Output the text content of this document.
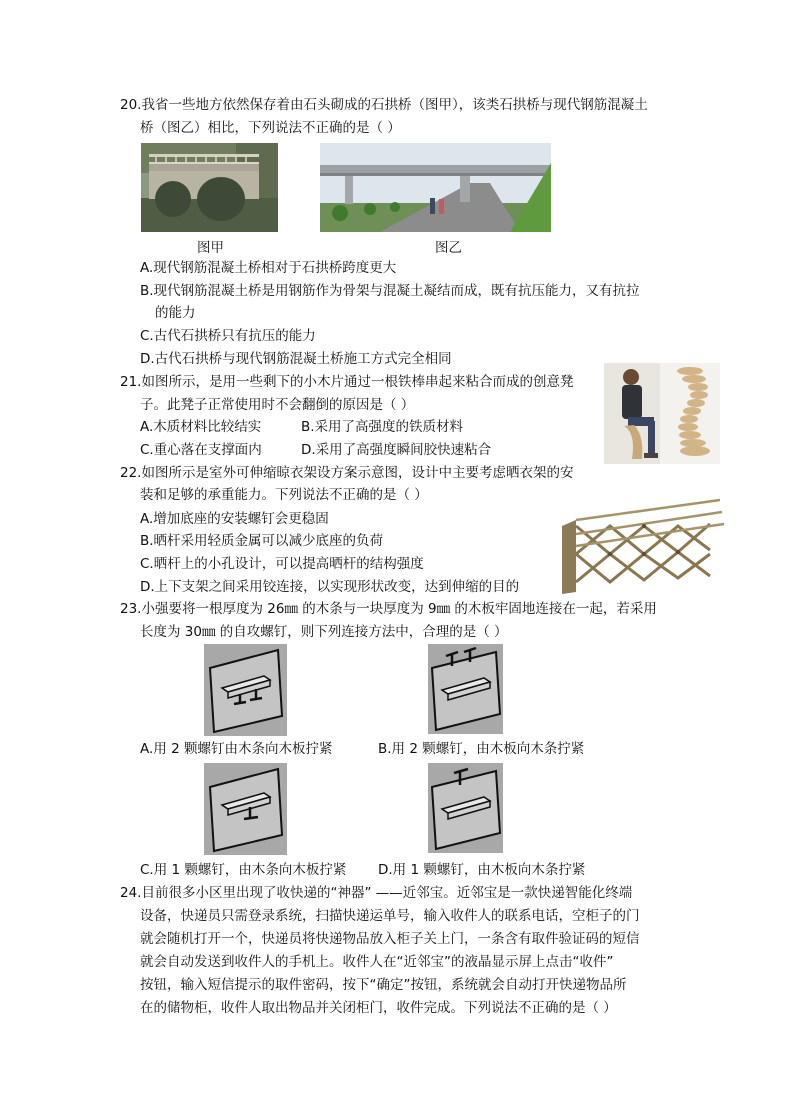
20.我省一些地方依然保存着由石头砌成的石拱桥（图甲），该类石拱桥与现代钢筋混凝土
桥（图乙）相比，下列说法不正确的是（ ）
图甲	图乙
A.现代钢筋混凝土桥相对于石拱桥跨度更大
B.现代钢筋混凝土桥是用钢筋作为骨架与混凝土凝结而成，既有抗压能力，又有抗拉
的能力
C.古代石拱桥只有抗压的能力
D.古代石拱桥与现代钢筋混凝土桥施工方式完全相同
21.如图所示，是用一些剩下的小木片通过一根铁棒串起来粘合而成的创意凳
子。此凳子正常使用时不会翻倒的原因是（ ）
A.木质材料比较结实	B.采用了高强度的铁质材料
C.重心落在支撑面内	D.采用了高强度瞬间胶快速粘合
22.如图所示是室外可伸缩晾衣架设方案示意图，设计中主要考虑晒衣架的安
装和足够的承重能力。下列说法不正确的是（ ）
A.增加底座的安装螺钉会更稳固
B.晒杆采用轻质金属可以减少底座的负荷
C.晒杆上的小孔设计，可以提高晒杆的结构强度
D.上下支架之间采用铰连接，以实现形状改变，达到伸缩的目的
23.小强要将一根厚度为 26㎜ 的木条与一块厚度为 9㎜ 的木板牢固地连接在一起，若采用
长度为 30㎜ 的自攻螺钉，则下列连接方法中，合理的是（ ）
A.用 2 颗螺钉由木条向木板拧紧	B.用 2 颗螺钉，由木板向木条拧紧
C.用 1 颗螺钉，由木条向木板拧紧 D.用 1 颗螺钉，由木板向木条拧紧
24.目前很多小区里出现了收快递的“神器” ——近邻宝。近邻宝是一款快递智能化终端
设备，快递员只需登录系统，扫描快递运单号，输入收件人的联系电话，空柜子的门
就会随机打开一个，快递员将快递物品放入柜子关上门，一条含有取件验证码的短信
就会自动发送到收件人的手机上。收件人在“近邻宝”的液晶显示屏上点击“收件”
按钮，输入短信提示的取件密码，按下“确定”按钮，系统就会自动打开快递物品所
在的储物柜，收件人取出物品并关闭柜门，收件完成。下列说法不正确的是（ ）
